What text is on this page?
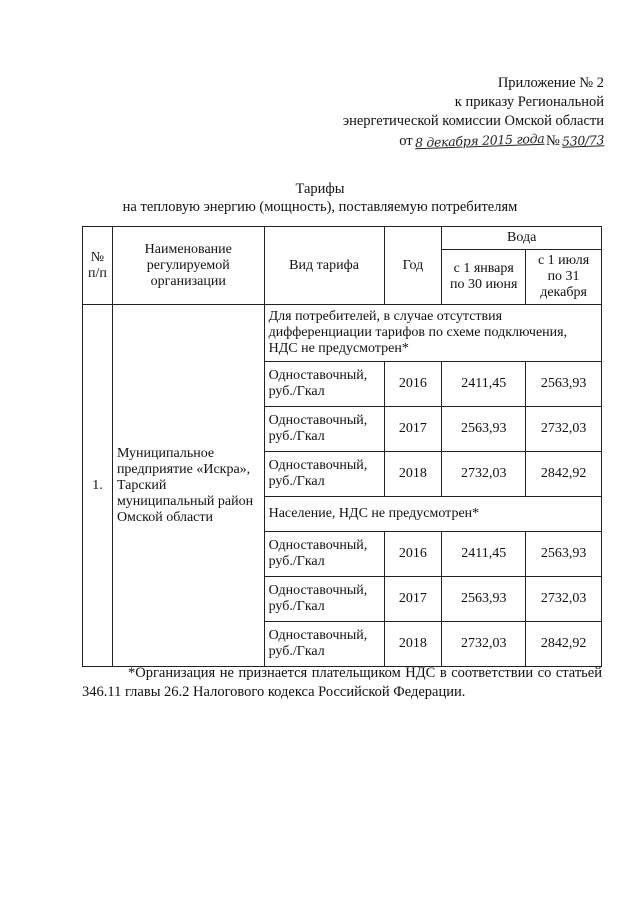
Приложение № 2
к приказу Региональной
энергетической комиссии Омской области
от 8 декабря 2015 года № 530/73
Тарифы
на тепловую энергию (мощность), поставляемую потребителям
№ п/п	Наименование регулируемой организации	Вид тарифа	Год	Вода	
				с 1 января по 30 июня	с 1 июля по 31 декабря
1.	Муниципальное предприятие «Искра», Тарский муниципальный район Омской области	Для потребителей, в случае отсутствия дифференциации тарифов по схеме подключения, НДС не предусмотрен*			
		Одноставочный, руб./Гкал	2016	2411,45	2563,93
		Одноставочный, руб./Гкал	2017	2563,93	2732,03
		Одноставочный, руб./Гкал	2018	2732,03	2842,92
		Население, НДС не предусмотрен*			
		Одноставочный, руб./Гкал	2016	2411,45	2563,93
		Одноставочный, руб./Гкал	2017	2563,93	2732,03
		Одноставочный, руб./Гкал	2018	2732,03	2842,92
*Организация не признается плательщиком НДС в соответствии со статьей 346.11 главы 26.2 Налогового кодекса Российской Федерации.
